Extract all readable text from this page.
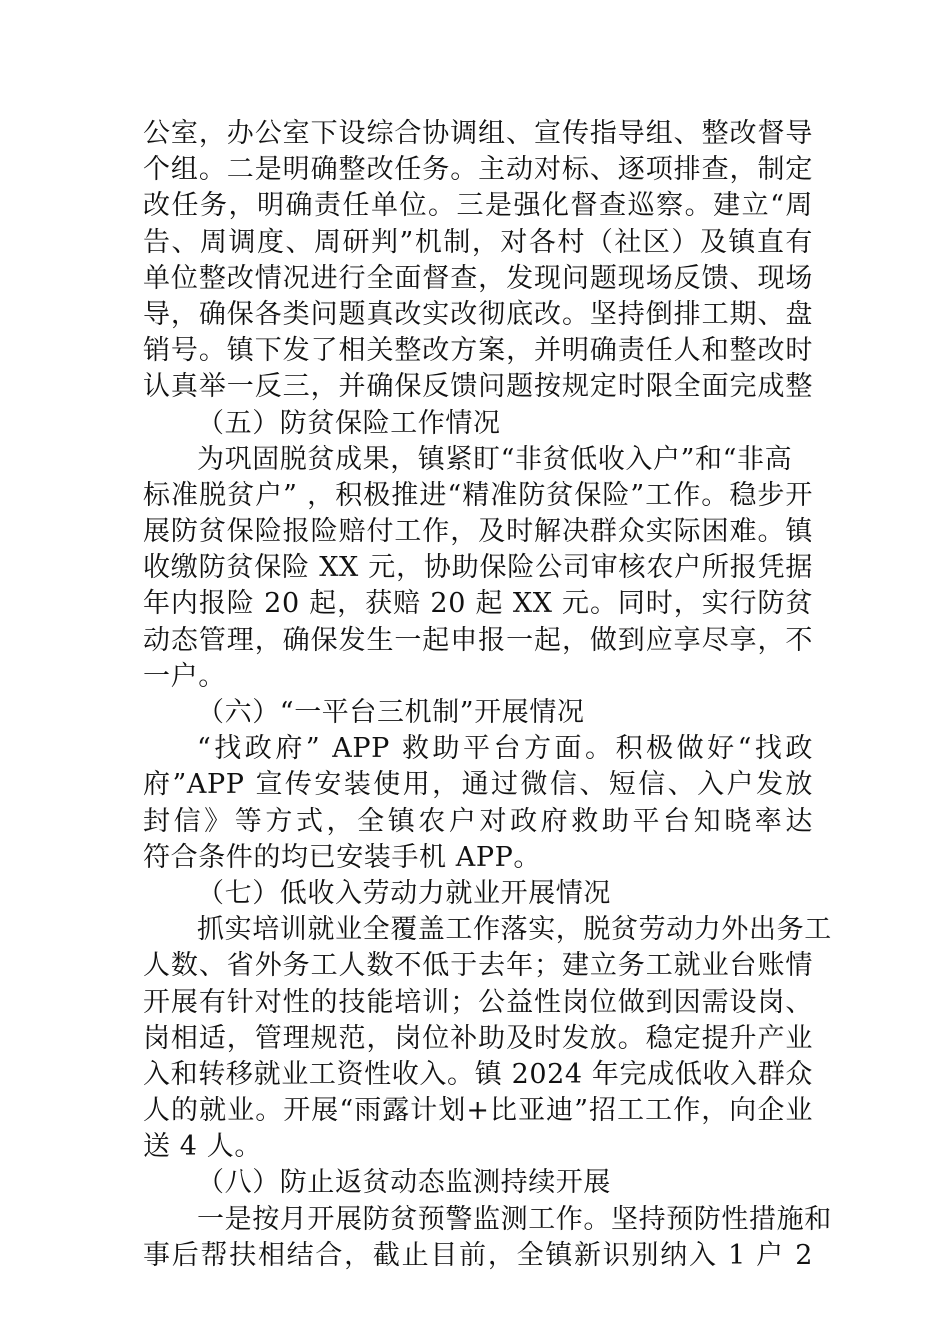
公室，办公室下设综合协调组、宣传指导组、整改督导
个组。二是明确整改任务。主动对标、逐项排查，制定
改任务，明确责任单位。三是强化督查巡察。建立“周
告、周调度、周研判”机制，对各村（社区）及镇直有
单位整改情况进行全面督查，发现问题现场反馈、现场
导，确保各类问题真改实改彻底改。坚持倒排工期、盘
销号。镇下发了相关整改方案，并明确责任人和整改时
认真举一反三，并确保反馈问题按规定时限全面完成整
（五）防贫保险工作情况
为巩固脱贫成果，镇紧盯“非贫低收入户”和“非高
标准脱贫户” ，积极推进“精准防贫保险”工作。稳步开
展防贫保险报险赔付工作，及时解决群众实际困难。镇
收缴防贫保险 XX 元，协助保险公司审核农户所报凭据
年内报险 20 起，获赔 20 起 XX 元。同时，实行防贫
动态管理，确保发生一起申报一起，做到应享尽享，不
一户。
（六）“一平台三机制”开展情况
“找政府” APP 救助平台方面。积极做好“找政
府”APP 宣传安装使用，通过微信、短信、入户发放
封信》等方式，全镇农户对政府救助平台知晓率达
符合条件的均已安装手机 APP。
（七）低收入劳动力就业开展情况
抓实培训就业全覆盖工作落实，脱贫劳动力外出务工
人数、省外务工人数不低于去年；建立务工就业台账情
开展有针对性的技能培训；公益性岗位做到因需设岗、
岗相适，管理规范，岗位补助及时发放。稳定提升产业
入和转移就业工资性收入。镇 2024 年完成低收入群众
人的就业。开展“雨露计划+比亚迪”招工工作，向企业
送 4 人。
（八）防止返贫动态监测持续开展
一是按月开展防贫预警监测工作。坚持预防性措施和
事后帮扶相结合，截止目前，全镇新识别纳入 1 户 2
